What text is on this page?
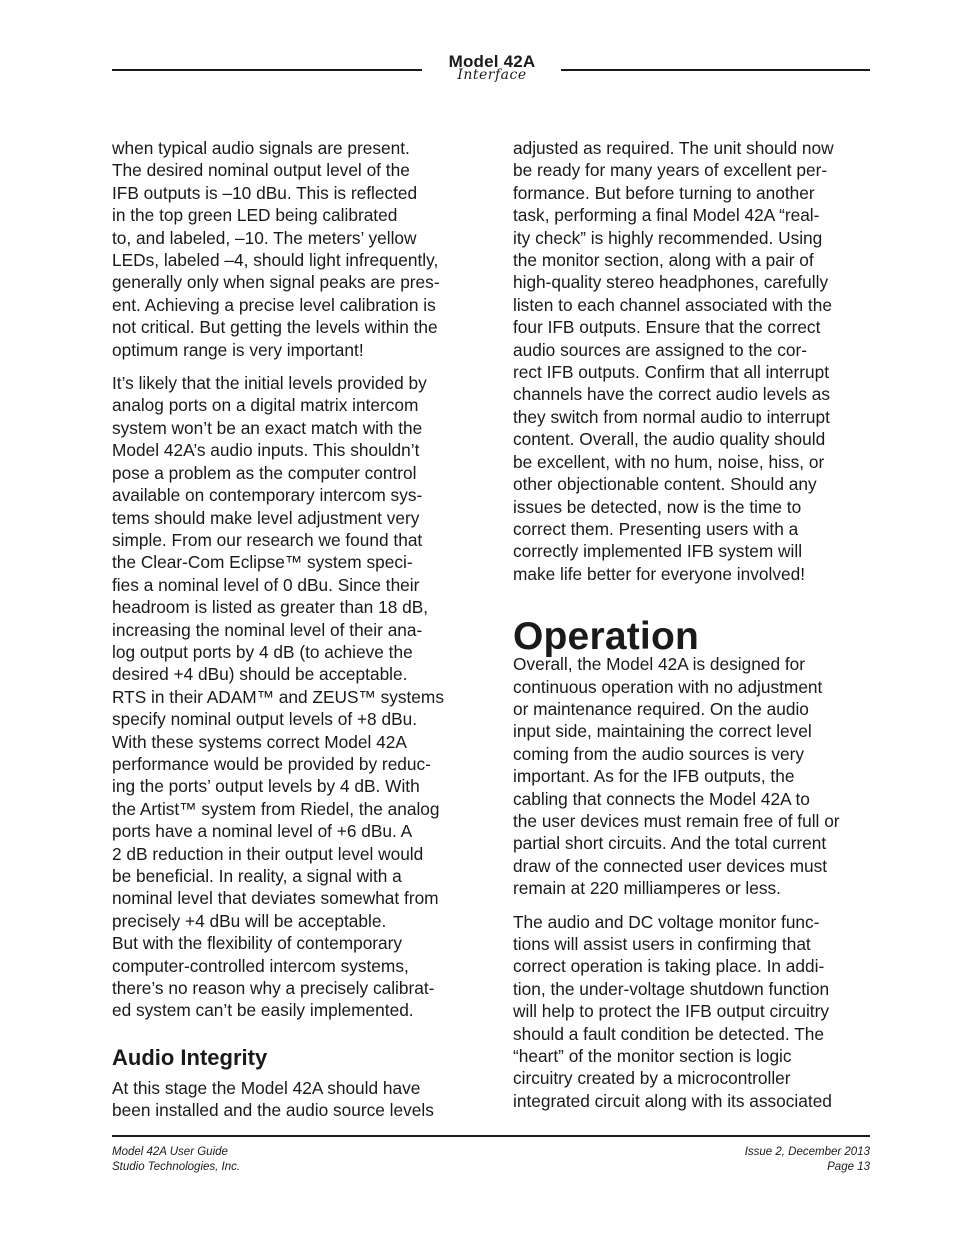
Model 42A
Interface

when typical audio signals are present.
The desired nominal output level of the
IFB outputs is –10 dBu. This is reflected
in the top green LED being calibrated
to, and labeled, –10. The meters’ yellow
LEDs, labeled –4, should light infrequently,
generally only when signal peaks are pres-
ent. Achieving a precise level calibration is
not critical. But getting the levels within the
optimum range is very important!

It’s likely that the initial levels provided by
analog ports on a digital matrix intercom
system won’t be an exact match with the
Model 42A’s audio inputs. This shouldn’t
pose a problem as the computer control
available on contemporary intercom sys-
tems should make level adjustment very
simple. From our research we found that
the Clear-Com Eclipse™ system speci-
fies a nominal level of 0 dBu. Since their
headroom is listed as greater than 18 dB,
increasing the nominal level of their ana-
log output ports by 4 dB (to achieve the
desired +4 dBu) should be acceptable.
RTS in their ADAM™ and ZEUS™ systems
specify nominal output levels of +8 dBu.
With these systems correct Model 42A
performance would be provided by reduc-
ing the ports’ output levels by 4 dB. With
the Artist™ system from Riedel, the analog
ports have a nominal level of +6 dBu. A
2 dB reduction in their output level would
be beneficial. In reality, a signal with a
nominal level that deviates somewhat from
precisely +4 dBu will be acceptable.
But with the flexibility of contemporary
computer-controlled intercom systems,
there’s no reason why a precisely calibrat-
ed system can’t be easily implemented.

Audio Integrity

At this stage the Model 42A should have
been installed and the audio source levels

adjusted as required. The unit should now
be ready for many years of excellent per-
formance. But before turning to another
task, performing a final Model 42A “real-
ity check” is highly recommended. Using
the monitor section, along with a pair of
high-quality stereo headphones, carefully
listen to each channel associated with the
four IFB outputs. Ensure that the correct
audio sources are assigned to the cor-
rect IFB outputs. Confirm that all interrupt
channels have the correct audio levels as
they switch from normal audio to interrupt
content. Overall, the audio quality should
be excellent, with no hum, noise, hiss, or
other objectionable content. Should any
issues be detected, now is the time to
correct them. Presenting users with a
correctly implemented IFB system will
make life better for everyone involved!

Operation

Overall, the Model 42A is designed for
continuous operation with no adjustment
or maintenance required. On the audio
input side, maintaining the correct level
coming from the audio sources is very
important. As for the IFB outputs, the
cabling that connects the Model 42A to
the user devices must remain free of full or
partial short circuits. And the total current
draw of the connected user devices must
remain at 220 milliamperes or less.

The audio and DC voltage monitor func-
tions will assist users in confirming that
correct operation is taking place. In addi-
tion, the under-voltage shutdown function
will help to protect the IFB output circuitry
should a fault condition be detected. The
“heart” of the monitor section is logic
circuitry created by a microcontroller
integrated circuit along with its associated

Model 42A User Guide
Studio Technologies, Inc.
Issue 2, December 2013
Page 13
